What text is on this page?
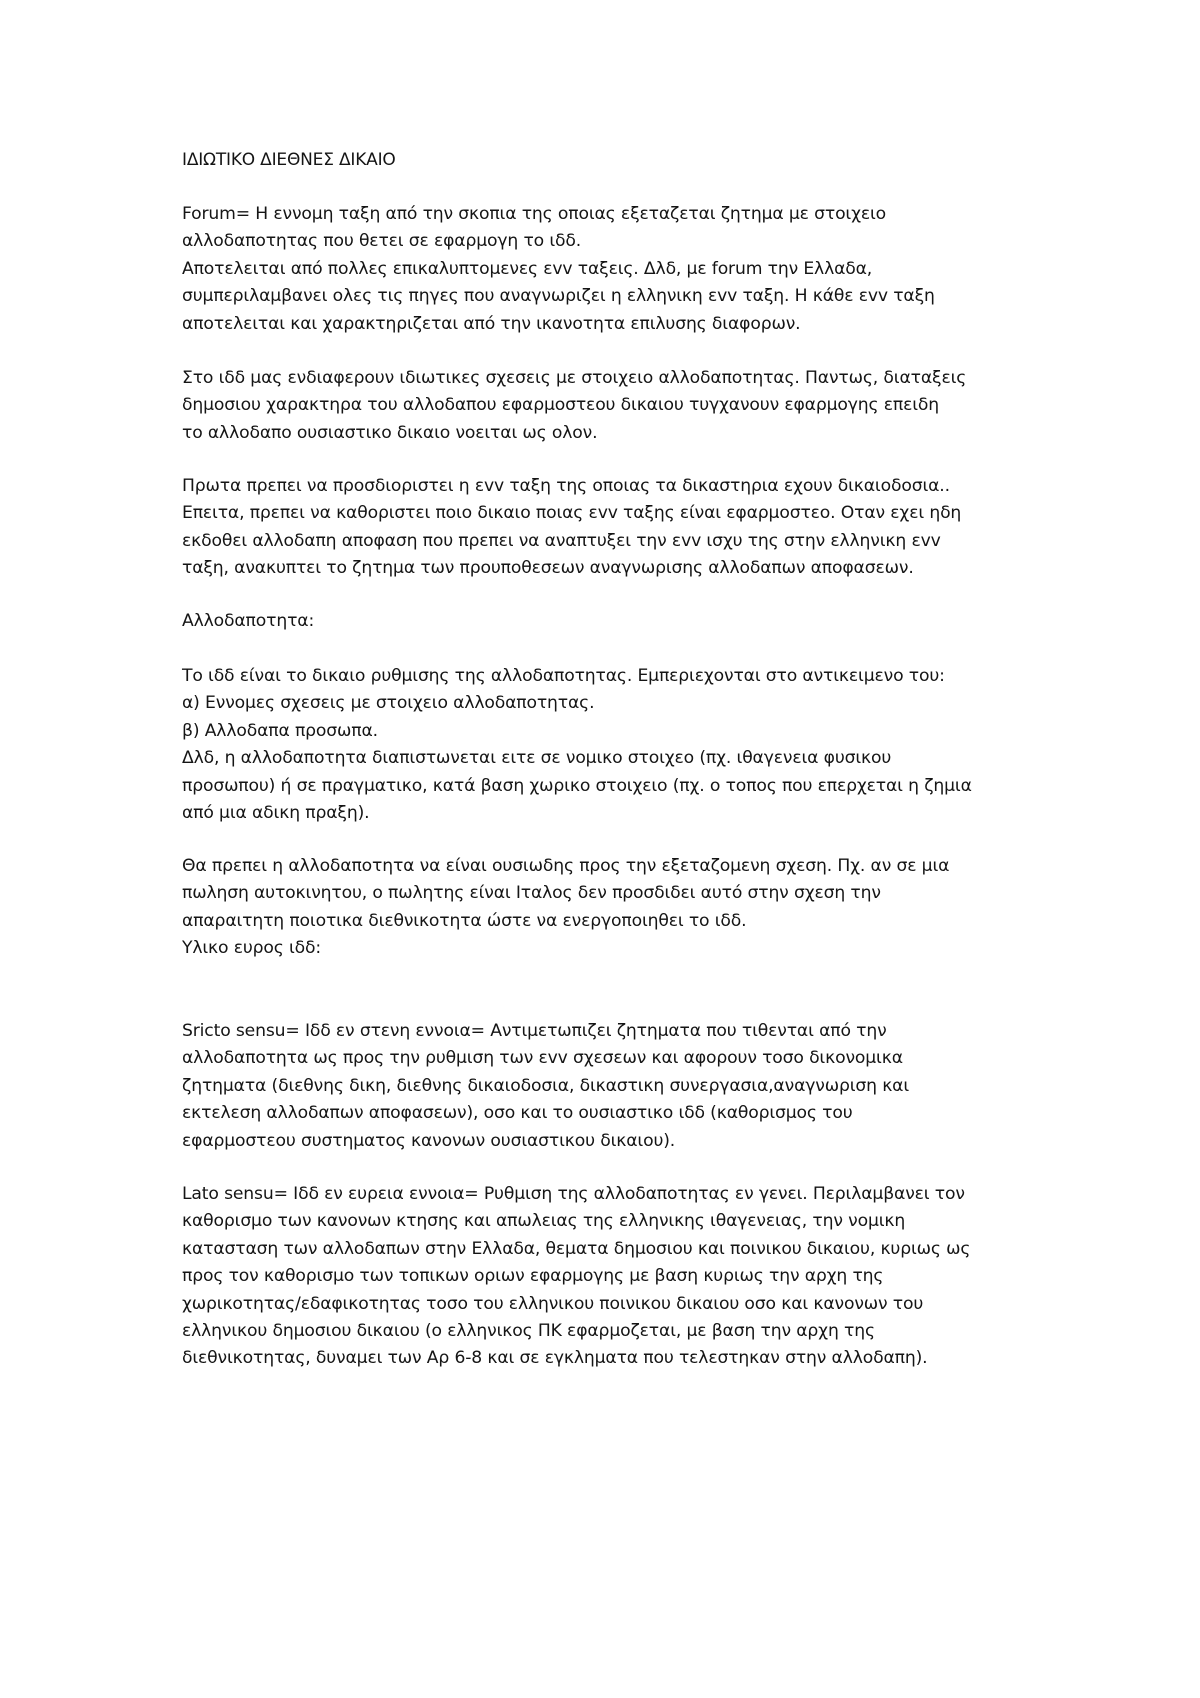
ΙΔΙΩΤΙΚΟ ΔΙΕΘΝΕΣ ΔΙΚΑΙΟ
Forum= Η εννομη ταξη από την σκοπια της οποιας εξεταζεται ζητημα με στοιχειο
αλλοδαποτητας που θετει σε εφαρμογη το ιδδ.
Αποτελειται από πολλες επικαλυπτομενες εvv ταξεις. Δλδ, με forum την Ελλαδα,
συμπεριλαμβανει ολες τις πηγες που αναγνωριζει η ελληνικη εvv ταξη. Η κάθε εvv ταξη
αποτελειται και χαρακτηριζεται από την ικανοτητα επιλυσης διαφορων.
Στο ιδδ μας ενδιαφερουν ιδιωτικες σχεσεις με στοιχειο αλλοδαποτητας. Παντως, διαταξεις
δημοσιου χαρακτηρα του αλλοδαπου εφαρμοστεου δικαιου τυγχανουν εφαρμογης επειδη
το αλλοδαπο ουσιαστικο δικαιο νοειται ως ολον.
Πρωτα πρεπει να προσδιοριστει η εvv ταξη της οποιας τα δικαστηρια εχουν δικαιοδοσια..
Επειτα, πρεπει να καθοριστει ποιο δικαιο ποιας εvv ταξης είναι εφαρμοστεο. Οταν εχει ηδη
εκδοθει αλλοδαπη αποφαση που πρεπει να αναπτυξει την εvv ισχυ της στην ελληνικη εvv
ταξη, ανακυπτει το ζητημα των προυποθεσεων αναγνωρισης αλλοδαπων αποφασεων.
Αλλοδαποτητα:
Το ιδδ είναι το δικαιο ρυθμισης της αλλοδαποτητας. Εμπεριεχονται στο αντικειμενο του:
α) Εννομες σχεσεις με στοιχειο αλλοδαποτητας.
β) Αλλοδαπα προσωπα.
Δλδ, η αλλοδαποτητα διαπιστωνεται ειτε σε νομικο στοιχεο (πχ. ιθαγενεια φυσικου
προσωπου) ή σε πραγματικο, κατά βαση χωρικο στοιχειο (πχ. ο τοπος που επερχεται η ζημια
από μια αδικη πραξη).
Θα πρεπει η αλλοδαποτητα να είναι ουσιωδης προς την εξεταζομενη σχεση. Πχ. αν σε μια
πωληση αυτοκινητου, ο πωλητης είναι Ιταλος δεν προσδιδει αυτό στην σχεση την
απαραιτητη ποιοτικα διεθνικοτητα ώστε να ενεργοποιηθει το ιδδ.
Υλικο ευρος ιδδ:
Sricto sensu= Ιδδ εν στενη εννοια= Αντιμετωπιζει ζητηματα που τιθενται από την
αλλοδαποτητα ως προς την ρυθμιση των εvv σχεσεων και αφορουν τοσο δικονομικα
ζητηματα (διεθνης δικη, διεθνης δικαιοδοσια, δικαστικη συνεργασια,αναγνωριση και
εκτελεση αλλοδαπων αποφασεων), οσο και το ουσιαστικο ιδδ (καθορισμος του
εφαρμοστεου συστηματος κανονων ουσιαστικου δικαιου).
Lato sensu= Ιδδ εν ευρεια εννοια= Ρυθμιση της αλλοδαποτητας εν γενει. Περιλαμβανει τον
καθορισμο των κανονων κτησης και απωλειας της ελληνικης ιθαγενειας, την νομικη
κατασταση των αλλοδαπων στην Ελλαδα, θεματα δημοσιου και ποινικου δικαιου, κυριως ως
προς τον καθορισμο των τοπικων οριων εφαρμογης με βαση κυριως την αρχη της
χωρικοτητας/εδαφικοτητας τοσο του ελληνικου ποινικου δικαιου οσο και κανονων του
ελληνικου δημοσιου δικαιου (ο ελληνικος ΠΚ εφαρμοζεται, με βαση την αρχη της
διεθνικοτητας, δυναμει των Αρ 6-8 και σε εγκληματα που τελεστηκαν στην αλλοδαπη).
